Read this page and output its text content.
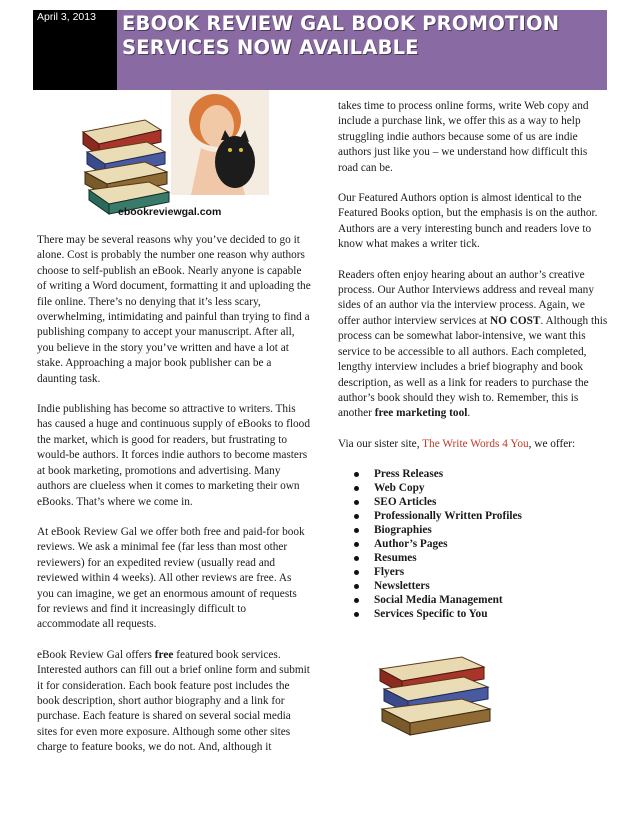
April 3, 2013 EBOOK REVIEW GAL BOOK PROMOTION SERVICES NOW AVAILABLE
ebookreviewgal.com

There may be several reasons why you’ve decided to go it alone. Cost is probably the number one reason why authors choose to self-publish an eBook. Nearly anyone is capable of writing a Word document, formatting it and uploading the file online. There’s no denying that it’s less scary, overwhelming, intimidating and painful than trying to find a publishing company to accept your manuscript. After all, you believe in the story you’ve written and have a lot at stake. Approaching a major book publisher can be a daunting task.

Indie publishing has become so attractive to writers. This has caused a huge and continuous supply of eBooks to flood the market, which is good for readers, but frustrating to would-be authors. It forces indie authors to become masters at book marketing, promotions and advertising. Many authors are clueless when it comes to marketing their own eBooks. That’s where we come in.

At eBook Review Gal we offer both free and paid-for book reviews. We ask a minimal fee (far less than most other reviewers) for an expedited review (usually read and reviewed within 4 weeks). All other reviews are free. As you can imagine, we get an enormous amount of requests for reviews and find it increasingly difficult to accommodate all requests.

eBook Review Gal offers free featured book services. Interested authors can fill out a brief online form and submit it for consideration. Each book feature post includes the book description, short author biography and a link for purchase. Each feature is shared on several social media sites for even more exposure. Although some other sites charge to feature books, we do not. And, although it

takes time to process online forms, write Web copy and include a purchase link, we offer this as a way to help struggling indie authors because some of us are indie authors just like you – we understand how difficult this road can be.

Our Featured Authors option is almost identical to the Featured Books option, but the emphasis is on the author. Authors are a very interesting bunch and readers love to know what makes a writer tick.

Readers often enjoy hearing about an author’s creative process. Our Author Interviews address and reveal many sides of an author via the interview process. Again, we offer author interview services at NO COST. Although this process can be somewhat labor-intensive, we want this service to be accessible to all authors. Each completed, lengthy interview includes a brief biography and book description, as well as a link for readers to purchase the author’s book should they wish to. Remember, this is another free marketing tool.

Via our sister site, The Write Words 4 You, we offer:

Press Releases
Web Copy
SEO Articles
Professionally Written Profiles
Biographies
Author’s Pages
Resumes
Flyers
Newsletters
Social Media Management
Services Specific to You
